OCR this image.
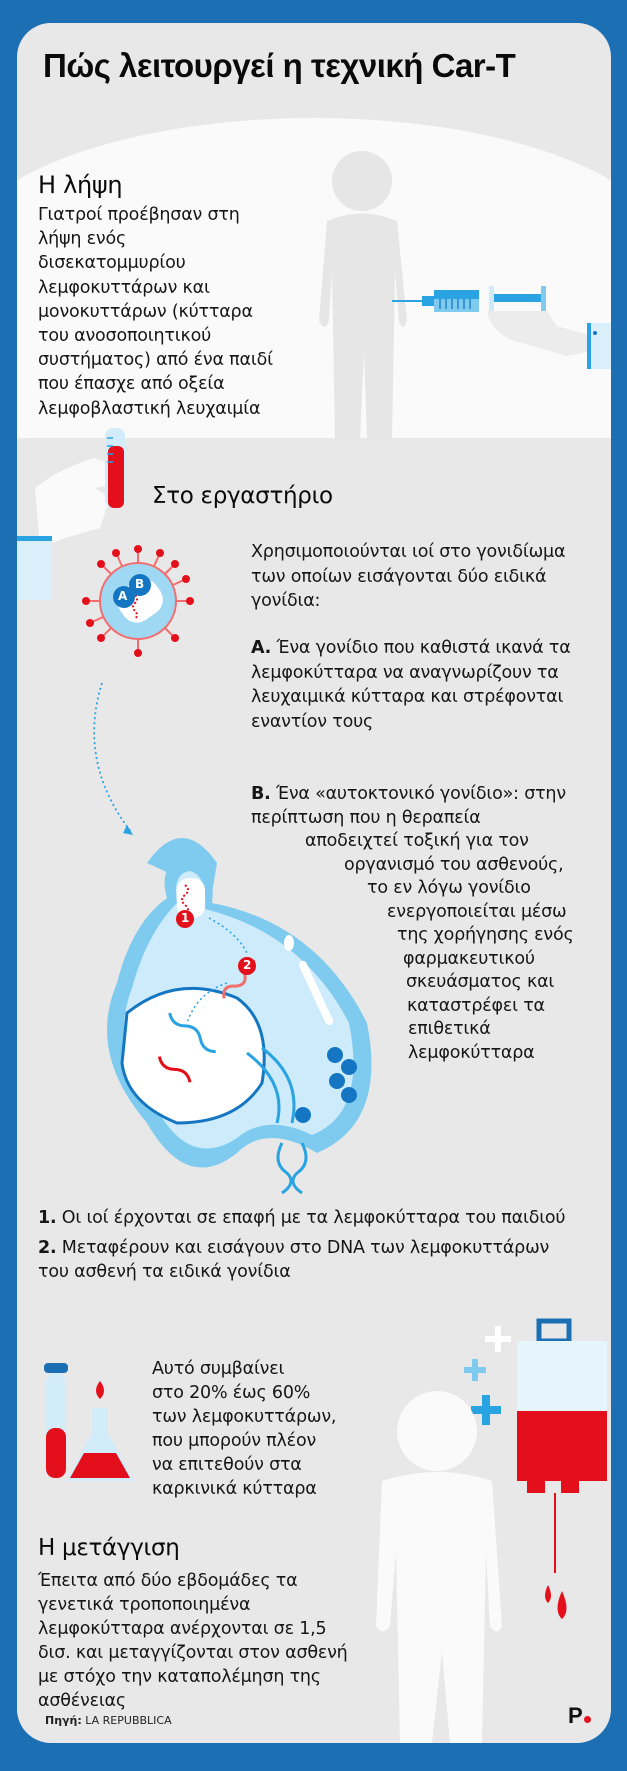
Πώς λειτουργεί η τεχνική Car-T
Η λήψη
Γιατροί προέβησαν στη
λήψη ενός
δισεκατομμυρίου
λεμφοκυττάρων και
μονοκυττάρων (κύτταρα
του ανοσοποιητικού
συστήματος) από ένα παιδί
που έπασχε από οξεία
λεμφοβλαστική λευχαιμία
Στο εργαστήριο
A
B
Χρησιμοποιούνται ιοί στο γονιδίωμα
των οποίων εισάγονται δύο ειδικά
γονίδια:
A. Ένα γονίδιο που καθιστά ικανά τα
λεμφοκύτταρα να αναγνωρίζουν τα
λευχαιμικά κύτταρα και στρέφονται
εναντίον τους
1
2
B. Ένα «αυτοκτονικό γονίδιο»: στην
περίπτωση που η θεραπεία
αποδειχτεί τοξική για τον
οργανισμό του ασθενούς,
το εν λόγω γονίδιο
ενεργοποιείται μέσω
της χορήγησης ενός
φαρμακευτικού
σκευάσματος και
καταστρέφει τα
επιθετικά
λεμφοκύτταρα
1. Οι ιοί έρχονται σε επαφή με τα λεμφοκύτταρα του παιδιού
2. Μεταφέρουν και εισάγουν στο DNA των λεμφοκυττάρων
του ασθενή τα ειδικά γονίδια
Αυτό συμβαίνει
στο 20% έως 60%
των λεμφοκυττάρων,
που μπορούν πλέον
να επιτεθούν στα
καρκινικά κύτταρα
Η μετάγγιση
Έπειτα από δύο εβδομάδες τα
γενετικά τροποποιημένα
λεμφοκύτταρα ανέρχονται σε 1,5
δισ. και μεταγγίζονται στον ασθενή
με στόχο την καταπολέμηση της
ασθένειας
Πηγή: LA REPUBBLICA	P
